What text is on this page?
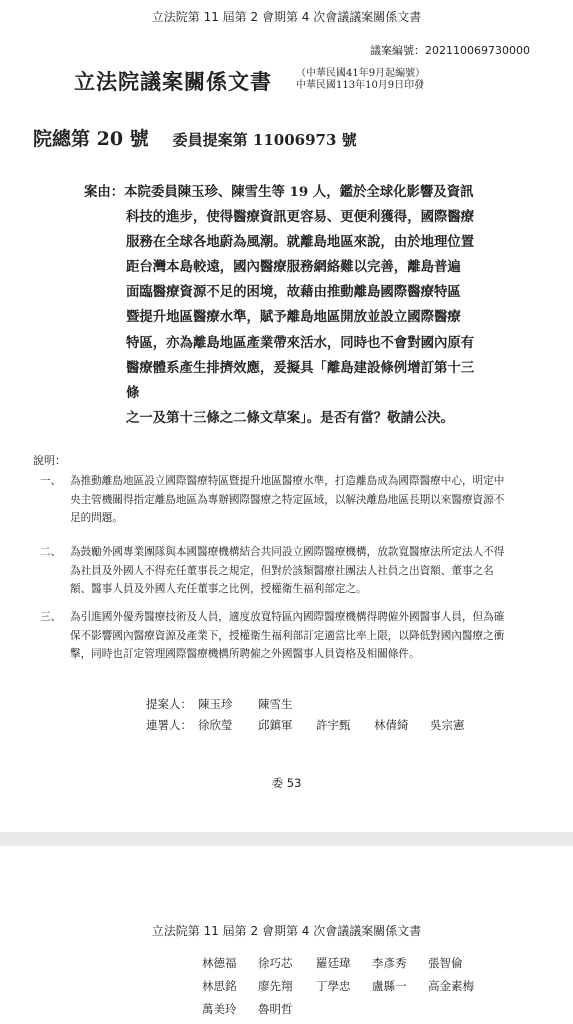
立法院第 11 屆第 2 會期第 4 次會議議案關係文書
議案編號：202110069730000
立法院議案關係文書 （中華民國41年9月起編號）
中華民國113年10月9日印發
院總第 20 號 委員提案第 11006973 號
案由：本院委員陳玉珍、陳雪生等 19 人，鑑於全球化影響及資訊
科技的進步，使得醫療資訊更容易、更便利獲得，國際醫療
服務在全球各地蔚為風潮。就離島地區來說，由於地理位置
距台灣本島較遠，國內醫療服務網絡難以完善，離島普遍
面臨醫療資源不足的困境，故藉由推動離島國際醫療特區
暨提升地區醫療水準，賦予離島地區開放並設立國際醫療
特區，亦為離島地區產業帶來活水，同時也不會對國內原有
醫療體系產生排擠效應，爰擬具「離島建設條例增訂第十三條
之一及第十三條之二條文草案」。是否有當？敬請公決。
說明：
一、 為推動離島地區設立國際醫療特區暨提升地區醫療水準，打造離島成為國際醫療中心，明定中央主管機關得指定離島地區為專辦國際醫療之特定區域，以解決離島地區長期以來醫療資源不足的問題。
二、 為鼓勵外國專業團隊與本國醫療機構結合共同設立國際醫療機構，放款寬醫療法所定法人不得為社員及外國人不得充任董事長之規定，但對於該類醫療社團法人社員之出資額、董事之名額、醫事人員及外國人充任董事之比例，授權衛生福利部定之。
三、 為引進國外優秀醫療技術及人員，適度放寬特區內國際醫療機構得聘僱外國醫事人員，但為確保不影響國內醫療資源及產業下，授權衛生福利部訂定適當比率上限，以降低對國內醫療之衝擊，同時也訂定管理國際醫療機構所聘僱之外國醫事人員資格及相關條件。
提案人： 陳玉珍 陳雪生
連署人： 徐欣瑩 邱鎮軍 許宇甄 林倩綺 吳宗憲
委 53
立法院第 11 屆第 2 會期第 4 次會議議案關係文書
林德福 徐巧芯 羅廷瑋 李彥秀 張智倫
林思銘 廖先翔 丁學忠 盧縣一 高金素梅
萬美玲 魯明哲
